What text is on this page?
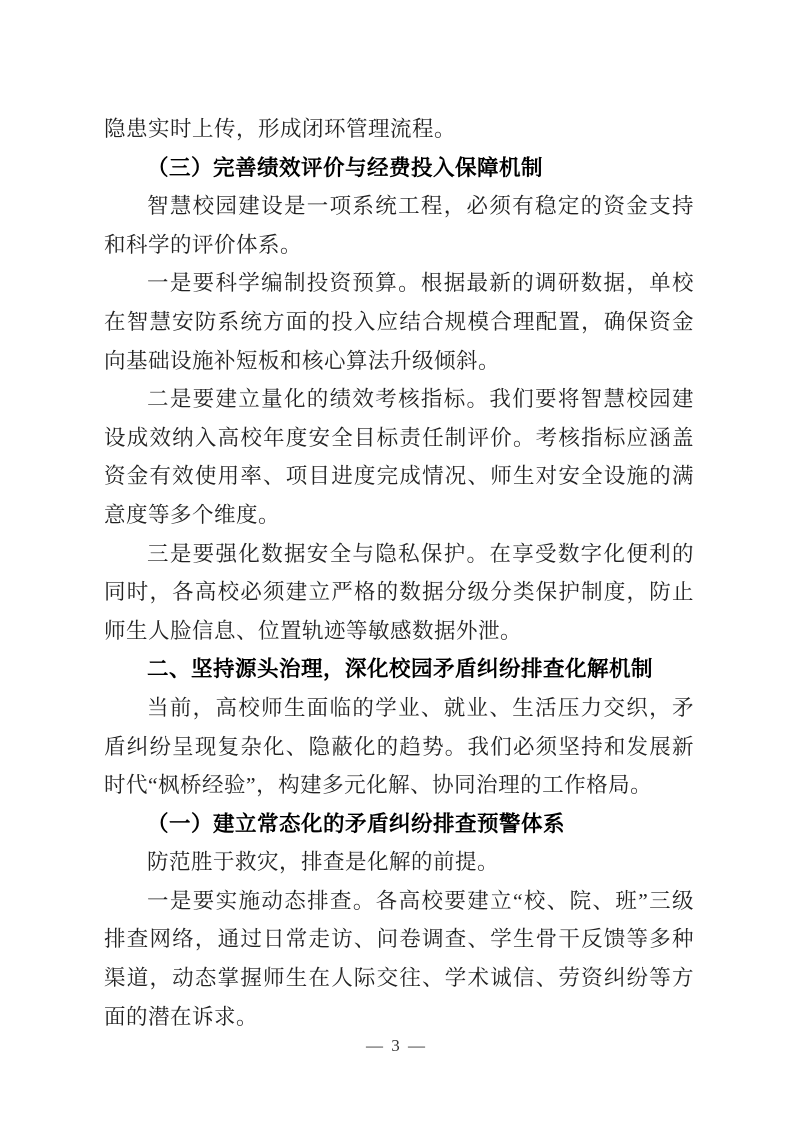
隐患实时上传，形成闭环管理流程。

（三）完善绩效评价与经费投入保障机制

智慧校园建设是一项系统工程，必须有稳定的资金支持和科学的评价体系。

一是要科学编制投资预算。根据最新的调研数据，单校在智慧安防系统方面的投入应结合规模合理配置，确保资金向基础设施补短板和核心算法升级倾斜。

二是要建立量化的绩效考核指标。我们要将智慧校园建设成效纳入高校年度安全目标责任制评价。考核指标应涵盖资金有效使用率、项目进度完成情况、师生对安全设施的满意度等多个维度。

三是要强化数据安全与隐私保护。在享受数字化便利的同时，各高校必须建立严格的数据分级分类保护制度，防止师生人脸信息、位置轨迹等敏感数据外泄。

二、坚持源头治理，深化校园矛盾纠纷排查化解机制

当前，高校师生面临的学业、就业、生活压力交织，矛盾纠纷呈现复杂化、隐蔽化的趋势。我们必须坚持和发展新时代“枫桥经验”，构建多元化解、协同治理的工作格局。

（一）建立常态化的矛盾纠纷排查预警体系

防范胜于救灾，排查是化解的前提。

一是要实施动态排查。各高校要建立“校、院、班”三级排查网络，通过日常走访、问卷调查、学生骨干反馈等多种渠道，动态掌握师生在人际交往、学术诚信、劳资纠纷等方面的潜在诉求。

— 3 —
